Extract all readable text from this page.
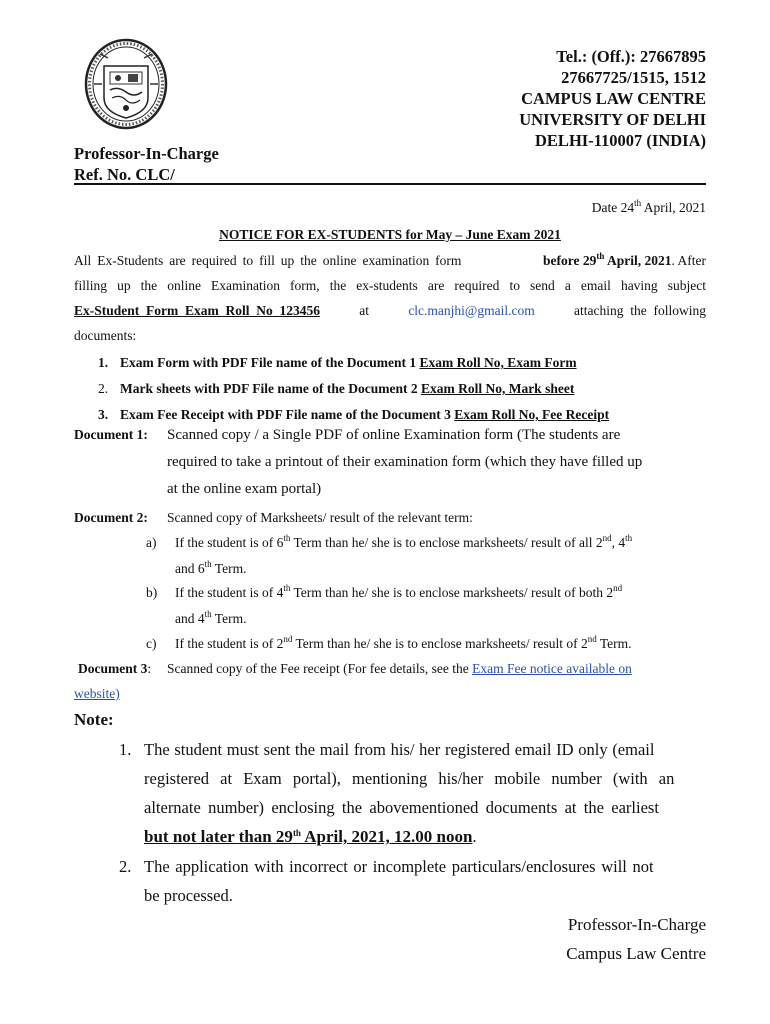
Tel.: (Off.): 27667895
27667725/1515, 1512
CAMPUS LAW CENTRE
UNIVERSITY OF DELHI
DELHI-110007 (INDIA)
Professor-In-Charge
Ref. No. CLC/
Date 24th April, 2021
NOTICE FOR EX-STUDENTS for May – June Exam 2021
All Ex-Students are required to fill up the online examination form	before 29th April, 2021. After
filling up the online Examination form, the ex-students are required to send a email having subject
Ex-Student  Form  Exam  Roll  No  123456	at	clc.manjhi@gmail.com	attaching  the  following
documents:
1. Exam Form with PDF File name of the Document 1 Exam Roll No, Exam Form
2. Mark sheets with PDF File name of the Document 2 Exam Roll No, Mark sheet
3. Exam Fee Receipt with PDF File name of the Document 3 Exam Roll No, Fee Receipt
Document 1: Scanned copy / a Single PDF of online Examination form (The students are
required to take a printout of their examination form (which they have filled up
at the online exam portal)
Document 2: Scanned copy of Marksheets/ result of the relevant term:
a) If the student is of 6th Term than he/ she is to enclose marksheets/ result of all 2nd, 4th
and 6th Term.
b) If the student is of 4th Term than he/ she is to enclose marksheets/ result of both 2nd
and 4th Term.
c) If the student is of 2nd Term than he/ she is to enclose marksheets/ result of 2nd Term.
Document 3: Scanned copy of the Fee receipt (For fee details, see the Exam Fee notice available on
website)
Note:
1. The student must sent the mail from his/ her registered email ID only (email
registered at Exam portal), mentioning his/her mobile number (with an
alternate number) enclosing the abovementioned documents at the earliest
but not later than 29th April, 2021, 12.00 noon .
2. The application with incorrect or incomplete particulars/enclosures will not
be processed.
Professor-In-Charge
Campus Law Centre
